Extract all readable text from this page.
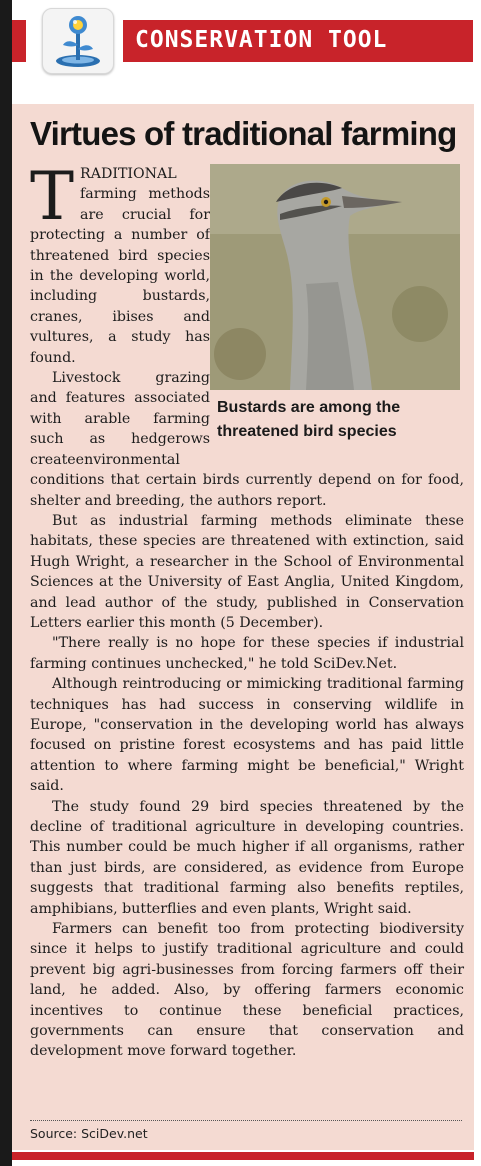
CONSERVATION TOOL
Virtues of traditional farming

TRADITIONAL farming methods are crucial for protecting a number of threatened bird species in the developing world, including bustards, cranes, ibises and vultures, a study has found.

Livestock grazing and features associated with arable farming such as hedgerows createenvironmental conditions that certain birds currently depend on for food, shelter and breeding, the authors report.

But as industrial farming methods eliminate these habitats, these species are threatened with extinction, said Hugh Wright, a researcher in the School of Environmental Sciences at the University of East Anglia, United Kingdom, and lead author of the study, published in Conservation Letters earlier this month (5 December).

"There really is no hope for these species if industrial farming continues unchecked," he told SciDev.Net.

Although reintroducing or mimicking traditional farming techniques has had success in conserving wildlife in Europe, "conservation in the developing world has always focused on pristine forest ecosystems and has paid little attention to where farming might be beneficial," Wright said.

The study found 29 bird species threatened by the decline of traditional agriculture in developing countries. This number could be much higher if all organisms, rather than just birds, are considered, as evidence from Europe suggests that traditional farming also benefits reptiles, amphibians, butterflies and even plants, Wright said.

Farmers can benefit too from protecting biodiversity since it helps to justify traditional agriculture and could prevent big agri-businesses from forcing farmers off their land, he added. Also, by offering farmers economic incentives to continue these beneficial practices, governments can ensure that conservation and development move forward together.

Bustards are among the threatened bird species
Source: SciDev.net
